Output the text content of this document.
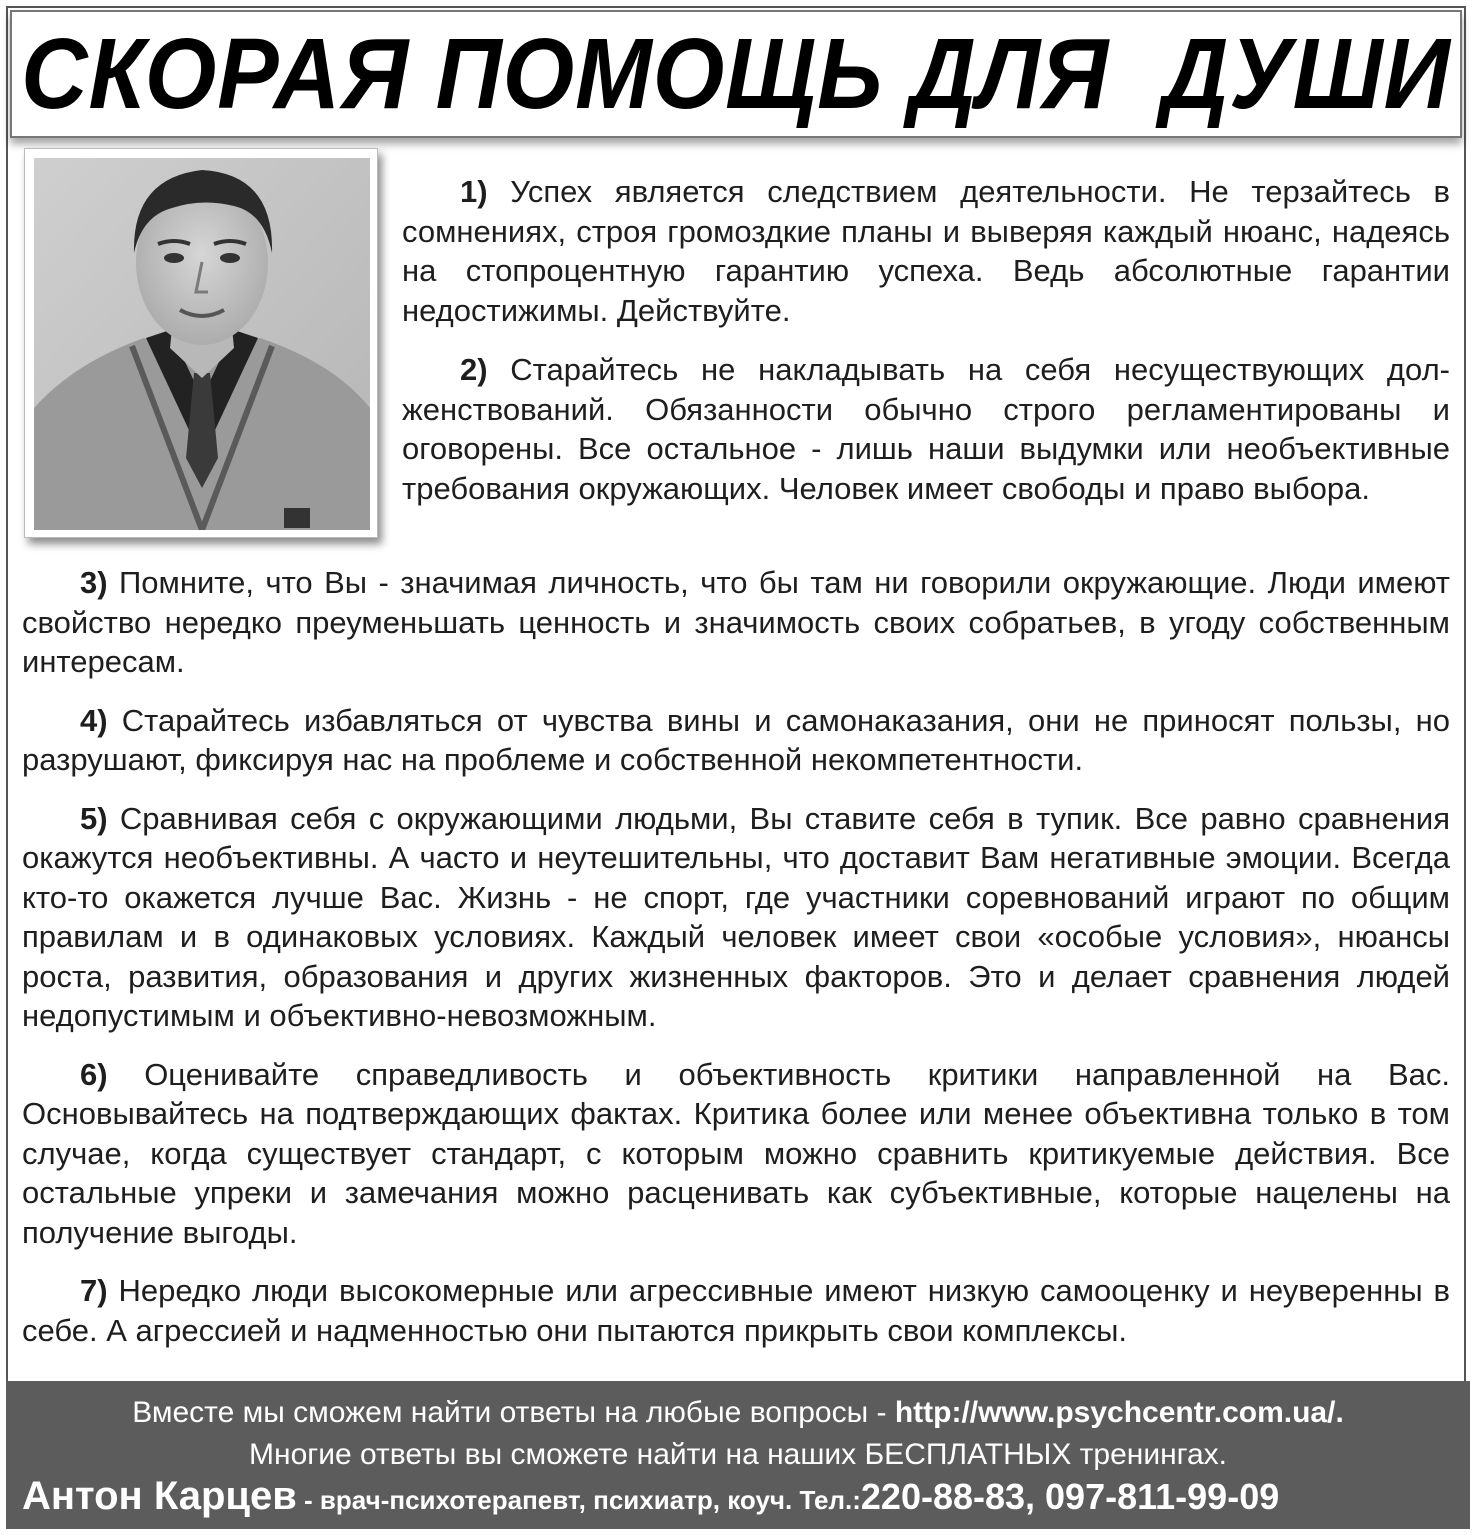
СКОРАЯ ПОМОЩЬ ДЛЯ  ДУШИ

1) Успех является следствием деятельности. Не терзайтесь в сомнениях, строя громоздкие планы и выверяя каждый нюанс, надеясь на стопроцентную гарантию успеха. Ведь абсолютные гарантии недостижимы. Действуйте.

2) Старайтесь не накладывать на себя несуществующих долженствований. Обязанности обычно строго регламентированы и оговорены. Все остальное - лишь наши выдумки или необъективные требования окружающих. Человек имеет свободы и право выбора.

3) Помните, что Вы - значимая личность, что бы там ни говорили окружающие. Люди имеют свойство нередко преуменьшать ценность и значимость своих собратьев, в угоду собственным интересам.

4) Старайтесь избавляться от чувства вины и самонаказания, они не приносят пользы, но разрушают, фиксируя нас на проблеме и собственной некомпетентности.

5) Сравнивая себя с окружающими людьми, Вы ставите себя в тупик. Все равно сравнения окажутся необъективны. А часто и неутешительны, что доставит Вам негативные эмоции. Всегда кто-то окажется лучше Вас. Жизнь - не спорт, где участники соревнований играют по общим правилам и в одинаковых условиях. Каждый человек имеет свои «особые условия», нюансы роста, развития, образования и других жизненных факторов. Это и делает сравнения людей недопустимым и объективно-невозможным.

6) Оценивайте справедливость и объективность критики направленной на Вас. Основывайтесь на подтверждающих фактах. Критика более или менее объективна только в том случае, когда существует стандарт, с которым можно сравнить критикуемые действия. Все остальные упреки и замечания можно расценивать как субъективные, которые нацелены на получение выгоды.

7) Нередко люди высокомерные или агрессивные имеют низкую самооценку и неуверенны в себе. А агрессией и надменностью они пытаются прикрыть свои комплексы.

Вместе мы сможем найти ответы на любые вопросы - http://www.psychcentr.com.ua/.
Многие ответы вы сможете найти на наших БЕСПЛАТНЫХ тренингах.
Антон Карцев - врач-психотерапевт, психиатр, коуч. Тел.:220-88-83, 097-811-99-09
